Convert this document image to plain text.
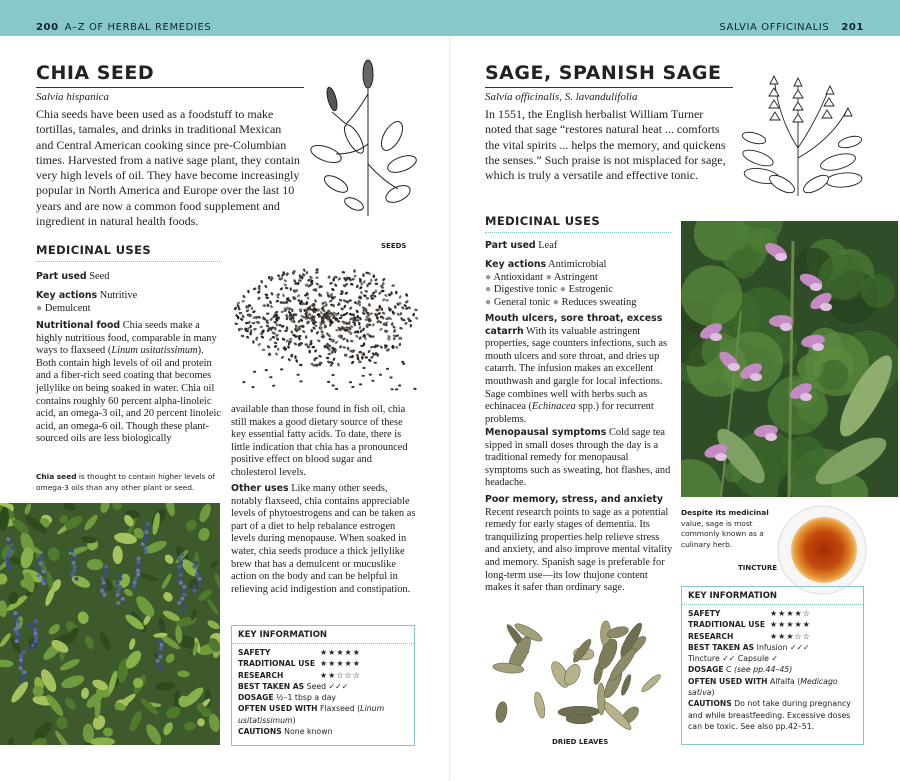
200 A–Z OF HERBAL REMEDIES	SALVIA OFFICINALIS 201
CHIA SEED
Salvia hispanica
Chia seeds have been used as a foodstuff to make tortillas, tamales, and drinks in traditional Mexican and Central American cooking since pre-Columbian times. Harvested from a native sage plant, they contain very high levels of oil. They have become increasingly popular in North America and Europe over the last 10 years and are now a common food supplement and ingredient in natural health foods.
MEDICINAL USES	SEEDS
Part used Seed
Key actions Nutritive
● Demulcent
Nutritional food Chia seeds make a highly nutritious food, comparable in many ways to flaxseed (Linum usitatissimum). Both contain high levels of oil and protein and a fiber-rich seed coating that becomes jellylike on being soaked in water. Chia oil contains roughly 60 percent alpha-linoleic acid, an omega-3 oil, and 20 percent linoleic acid, an omega-6 oil. Though these plant-sourced oils are less biologically
Chia seed is thought to contain higher levels of omega-3 oils than any other plant or seed.
available than those found in fish oil, chia still makes a good dietary source of these key essential fatty acids. To date, there is little indication that chia has a pronounced positive effect on blood sugar and cholesterol levels.
Other uses Like many other seeds, notably flaxseed, chia contains appreciable levels of phytoestrogens and can be taken as part of a diet to help rebalance estrogen levels during menopause. When soaked in water, chia seeds produce a thick jellylike brew that has a demulcent or mucuslike action on the body and can be helpful in relieving acid indigestion and constipation.
KEY INFORMATION
SAFETY	★★★★★
TRADITIONAL USE ★★★★★
RESEARCH	★★☆☆☆
BEST TAKEN AS Seed ✓✓✓
DOSAGE ½–1 tbsp a day
OFTEN USED WITH Flaxseed (Linum usitatissimum)
CAUTIONS None known
SAGE, SPANISH SAGE
Salvia officinalis, S. lavandulifolia
In 1551, the English herbalist William Turner noted that sage “restores natural heat ... comforts the vital spirits ... helps the memory, and quickens the senses.” Such praise is not misplaced for sage, which is truly a versatile and effective tonic.
MEDICINAL USES
Part used Leaf
Key actions Antimicrobial
● Antioxidant ● Astringent
● Digestive tonic ● Estrogenic
● General tonic ● Reduces sweating
Mouth ulcers, sore throat, excess catarrh With its valuable astringent properties, sage counters infections, such as mouth ulcers and sore throat, and dries up catarrh. The infusion makes an excellent mouthwash and gargle for local infections. Sage combines well with herbs such as echinacea (Echinacea spp.) for recurrent problems.
Menopausal symptoms Cold sage tea sipped in small doses through the day is a traditional remedy for menopausal symptoms such as sweating, hot flashes, and headache.
Poor memory, stress, and anxiety Recent research points to sage as a potential remedy for early stages of dementia. Its tranquilizing properties help relieve stress and anxiety, and also improve mental vitality and memory. Spanish sage is preferable for long-term use—its low thujone content makes it safer than ordinary sage.
Despite its medicinal value, sage is most commonly known as a culinary herb.
TINCTURE
DRIED LEAVES
KEY INFORMATION
SAFETY	★★★★☆
TRADITIONAL USE ★★★★★
RESEARCH	★★★☆☆
BEST TAKEN AS Infusion ✓✓✓
Tincture ✓✓ Capsule ✓
DOSAGE C (see pp.44–45)
OFTEN USED WITH Alfalfa (Medicago sativa)
CAUTIONS Do not take during pregnancy and while breastfeeding. Excessive doses can be toxic. See also pp.42–51.
